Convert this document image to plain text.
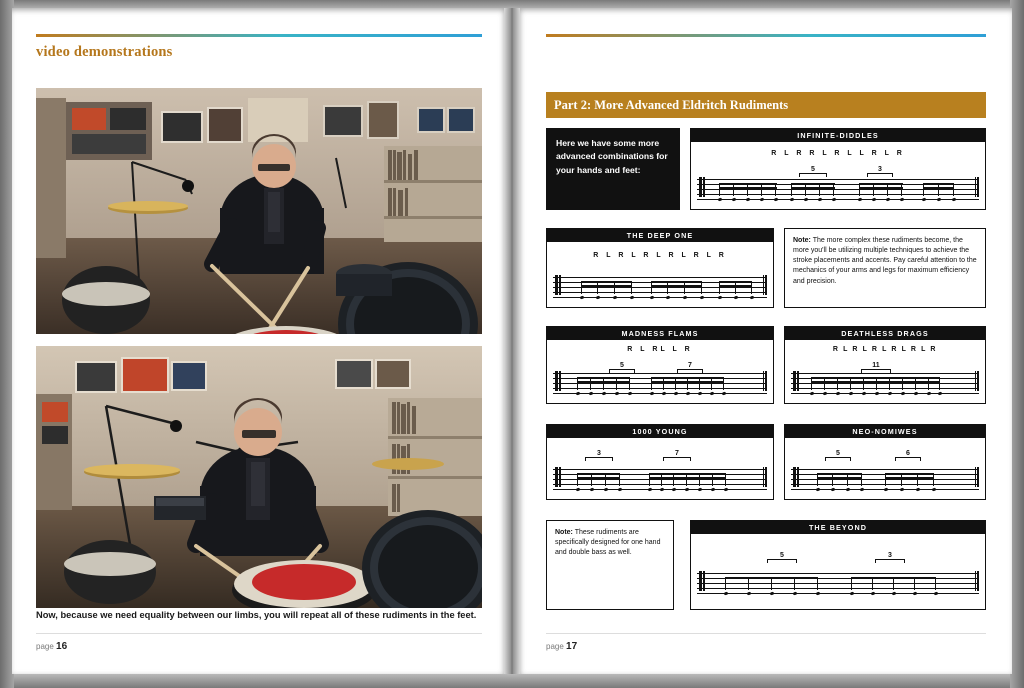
video demonstrations
Now, because we need equality between our limbs, you will repeat all of these rudiments in the feet.
page 16
Part 2: More Advanced Eldritch Rudiments
Here we have some more advanced combinations for your hands and feet:
INFINITE-DIDDLES
R L R R L R L L R L R
5	3
THE DEEP ONE
R L R L R L R L R L R
Note: The more complex these rudiments become, the more you'll be utilizing multiple techniques to achieve the stroke placements and accents. Pay careful attention to the mechanics of your arms and legs for maximum efficiency and precision.
MADNESS FLAMS
R L RL L R
5	7
DEATHLESS DRAGS
R L R L R L R L R L R
11
1000 YOUNG
3	7
NEO-NOMIWES
5	6
Note: These rudiments are specifically designed for one hand and double bass as well.
THE BEYOND
5	3
page 17
